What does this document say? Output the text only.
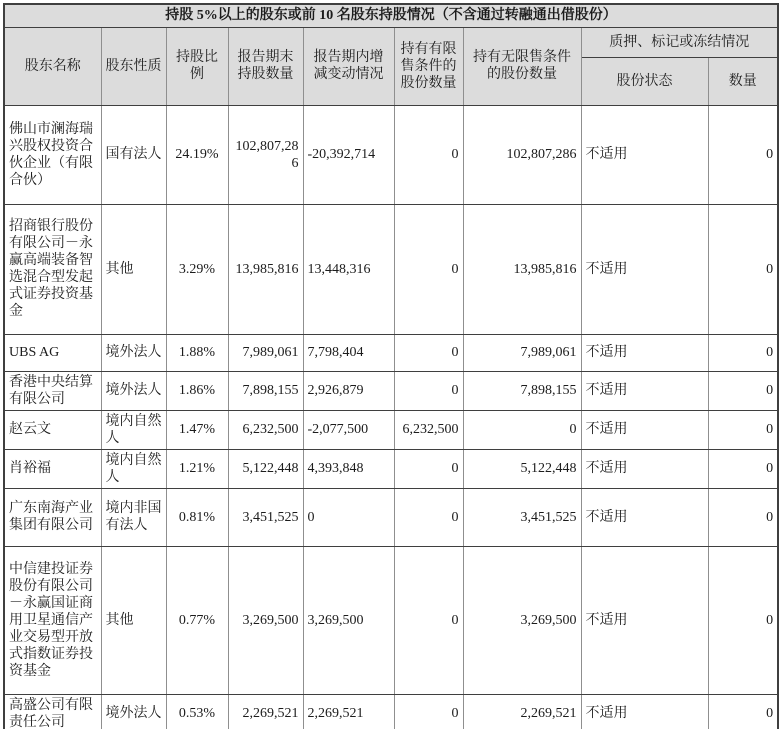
持股 5%以上的股东或前 10 名股东持股情况（不含通过转融通出借股份）								
股东名称	股东性质	持股比例	报告期末持股数量	报告期内增减变动情况	持有有限售条件的股份数量	持有无限售条件的股份数量	质押、标记或冻结情况	
							股份状态	数量
佛山市澜海瑞兴股权投资合伙企业（有限合伙）	国有法人	24.19%	102,807,286	-20,392,714	0	102,807,286	不适用	0
招商银行股份有限公司－永赢高端装备智选混合型发起式证券投资基金	其他	3.29%	13,985,816	13,448,316	0	13,985,816	不适用	0
UBS AG	境外法人	1.88%	7,989,061	7,798,404	0	7,989,061	不适用	0
香港中央结算有限公司	境外法人	1.86%	7,898,155	2,926,879	0	7,898,155	不适用	0
赵云文	境内自然人	1.47%	6,232,500	-2,077,500	6,232,500	0	不适用	0
肖裕福	境内自然人	1.21%	5,122,448	4,393,848	0	5,122,448	不适用	0
广东南海产业集团有限公司	境内非国有法人	0.81%	3,451,525	0	0	3,451,525	不适用	0
中信建投证券股份有限公司－永赢国证商用卫星通信产业交易型开放式指数证券投资基金	其他	0.77%	3,269,500	3,269,500	0	3,269,500	不适用	0
高盛公司有限责任公司	境外法人	0.53%	2,269,521	2,269,521	0	2,269,521	不适用	0
